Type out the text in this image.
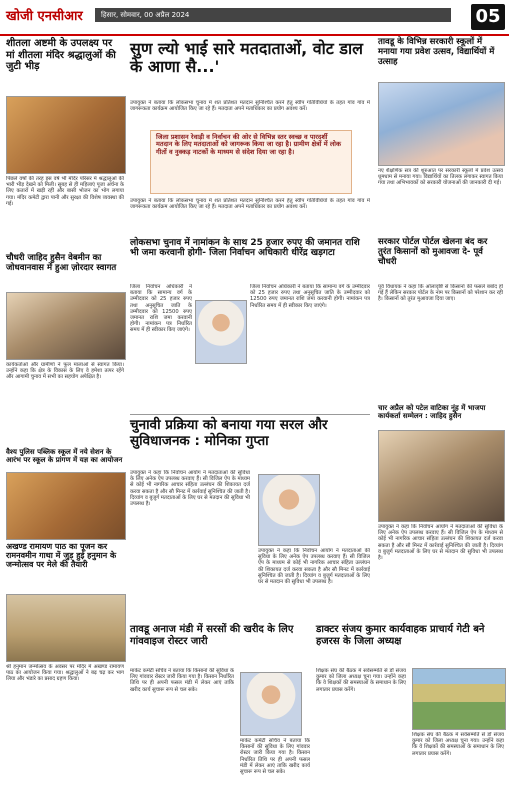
खोजी एनसीआर	हिसार, सोमवार, 00 अप्रैल 2024	05
शीतला अष्टमी के उपलक्ष्य पर मां शीतला मंदिर श्रद्धालुओं की जुटी भीड़
पिछले वर्षों की तरह इस वर्ष भी मंदिर परिसर में श्रद्धालुओं की भारी भीड़ देखने को मिली। सुबह से ही महिलाएं पूजा अर्चना के लिए कतारों में खड़ी रहीं और बासी भोजन का भोग लगाया गया। मंदिर कमेटी द्वारा पानी और सुरक्षा की विशेष व्यवस्था की गई।
चौधरी जाहिद हुसैन वेबमीन का जोधवानवास में हुआ ज़ोरदार स्वागत
कार्यकर्ताओं और ग्रामीणों ने फूल मालाओं से स्वागत किया। उन्होंने कहा कि क्षेत्र के विकास के लिए वे हमेशा तत्पर रहेंगे और आगामी चुनाव में सभी का सहयोग अपेक्षित है।
वैश्य पुलिस पब्लिक स्कूल में नये सेशन के आरंभ पर स्कूल के प्रांगण में यज्ञ का आयोजन
सुण ल्यो भाई सारे मतदाताओं, वोट डाल के आणा सै...'
उपायुक्त ने बताया कि लोकसभा चुनाव में शत प्रतिशत मतदान सुनिश्चित करने हेतु स्वीप गतिविधियों के तहत गांव गांव में जागरूकता कार्यक्रम आयोजित किए जा रहे हैं। मतदाता अपने मताधिकार का प्रयोग अवश्य करें।
जिला प्रशासन रेवाड़ी व निर्वाचन की ओर से विभिन्न स्तर स्वच्छ व पारदर्शी मतदान के लिए मतदाताओं को जागरूक किया जा रहा है। ग्रामीण क्षेत्रों में लोक गीतों व नुक्कड़ नाटकों के माध्यम से संदेश दिया जा रहा है।
उपायुक्त ने बताया कि लोकसभा चुनाव में शत प्रतिशत मतदान सुनिश्चित करने हेतु स्वीप गतिविधियों के तहत गांव गांव में जागरूकता कार्यक्रम आयोजित किए जा रहे हैं। मतदाता अपने मताधिकार का प्रयोग अवश्य करें।
तावडू के विभिन्न सरकारी स्कूलों में मनाया गया प्रवेश उत्सव, विद्यार्थियों में उत्साह
नए शैक्षणिक सत्र की शुरुआत पर सरकारी स्कूलों में प्रवेश उत्सव धूमधाम से मनाया गया। विद्यार्थियों का तिलक लगाकर स्वागत किया गया तथा अभिभावकों को सरकारी योजनाओं की जानकारी दी गई।
लोकसभा चुनाव में नामांकन के साथ 25 हजार रुपए की जमानत राशि भी जमा करवानी होगी- जिला निर्वाचन अधिकारी धीरेंद्र खड़गटा
जिला निर्वाचन अधिकारी ने बताया कि सामान्य वर्ग के उम्मीदवार को 25 हजार रुपए तथा अनुसूचित जाति के उम्मीदवार को 12500 रुपए जमानत राशि जमा करवानी होगी। नामांकन पत्र निर्धारित समय में ही स्वीकार किए जाएंगे।
जिला निर्वाचन अधिकारी ने बताया कि सामान्य वर्ग के उम्मीदवार को 25 हजार रुपए तथा अनुसूचित जाति के उम्मीदवार को 12500 रुपए जमानत राशि जमा करवानी होगी। नामांकन पत्र निर्धारित समय में ही स्वीकार किए जाएंगे।
सरकार पोर्टल पोर्टल खेलना बंद कर तुरंत किसानों को मुआवजा दे- पूर्व चौधरी
पूर्व विधायक ने कहा कि ओलावृष्टि से किसानों की फसलें बर्बाद हो गई हैं लेकिन सरकार पोर्टल के नाम पर किसानों को परेशान कर रही है। किसानों को तुरंत मुआवजा दिया जाए।
चार अप्रैल को पटेल वाटिका नूंह में भाजपा कार्यकर्ता सम्मेलन : जाहिद हुसैन
चुनावी प्रक्रिया को बनाया गया सरल और सुविधाजनक : मोनिका गुप्ता
उपायुक्त ने कहा कि निर्वाचन आयोग ने मतदाताओं की सुविधा के लिए अनेक ऐप उपलब्ध करवाए हैं। सी विजिल ऐप के माध्यम से कोई भी नागरिक आचार संहिता उल्लंघन की शिकायत दर्ज करवा सकता है और सौ मिनट में कार्रवाई सुनिश्चित की जाती है। दिव्यांग व बुजुर्ग मतदाताओं के लिए घर से मतदान की सुविधा भी उपलब्ध है।
उपायुक्त ने कहा कि निर्वाचन आयोग ने मतदाताओं की सुविधा के लिए अनेक ऐप उपलब्ध करवाए हैं। सी विजिल ऐप के माध्यम से कोई भी नागरिक आचार संहिता उल्लंघन की शिकायत दर्ज करवा सकता है और सौ मिनट में कार्रवाई सुनिश्चित की जाती है। दिव्यांग व बुजुर्ग मतदाताओं के लिए घर से मतदान की सुविधा भी उपलब्ध है।
उपायुक्त ने कहा कि निर्वाचन आयोग ने मतदाताओं की सुविधा के लिए अनेक ऐप उपलब्ध करवाए हैं। सी विजिल ऐप के माध्यम से कोई भी नागरिक आचार संहिता उल्लंघन की शिकायत दर्ज करवा सकता है और सौ मिनट में कार्रवाई सुनिश्चित की जाती है। दिव्यांग व बुजुर्ग मतदाताओं के लिए घर से मतदान की सुविधा भी उपलब्ध है।
अखण्ड रामायण पाठ का पूजन कर रामनवमीन गाथा में जुड़ हुई हनुमान के जन्मोत्सव पर मेले की तैयारी
श्री हनुमान जन्मोत्सव के अवसर पर मंदिर में अखण्ड रामायण पाठ का आयोजन किया गया। श्रद्धालुओं ने बढ़ चढ़ कर भाग लिया और भंडारे का प्रसाद ग्रहण किया।
तावडू अनाज मंडी में सरसों की खरीद के लिए गांववाइज रोस्टर जारी
मार्केट कमेटी सचिव ने बताया कि किसानों की सुविधा के लिए गांववार रोस्टर जारी किया गया है। किसान निर्धारित तिथि पर ही अपनी फसल मंडी में लेकर आएं ताकि खरीद कार्य सुचारू रूप से चल सके।
मार्केट कमेटी सचिव ने बताया कि किसानों की सुविधा के लिए गांववार रोस्टर जारी किया गया है। किसान निर्धारित तिथि पर ही अपनी फसल मंडी में लेकर आएं ताकि खरीद कार्य सुचारू रूप से चल सके।
डाक्टर संजय कुमार कार्यवाहक प्राचार्य गेटी बने हजरस के जिला अध्यक्ष
शिक्षक संघ की बैठक में सर्वसम्मति से डॉ संजय कुमार को जिला अध्यक्ष चुना गया। उन्होंने कहा कि वे शिक्षकों की समस्याओं के समाधान के लिए लगातार प्रयास करेंगे।
शिक्षक संघ की बैठक में सर्वसम्मति से डॉ संजय कुमार को जिला अध्यक्ष चुना गया। उन्होंने कहा कि वे शिक्षकों की समस्याओं के समाधान के लिए लगातार प्रयास करेंगे।
